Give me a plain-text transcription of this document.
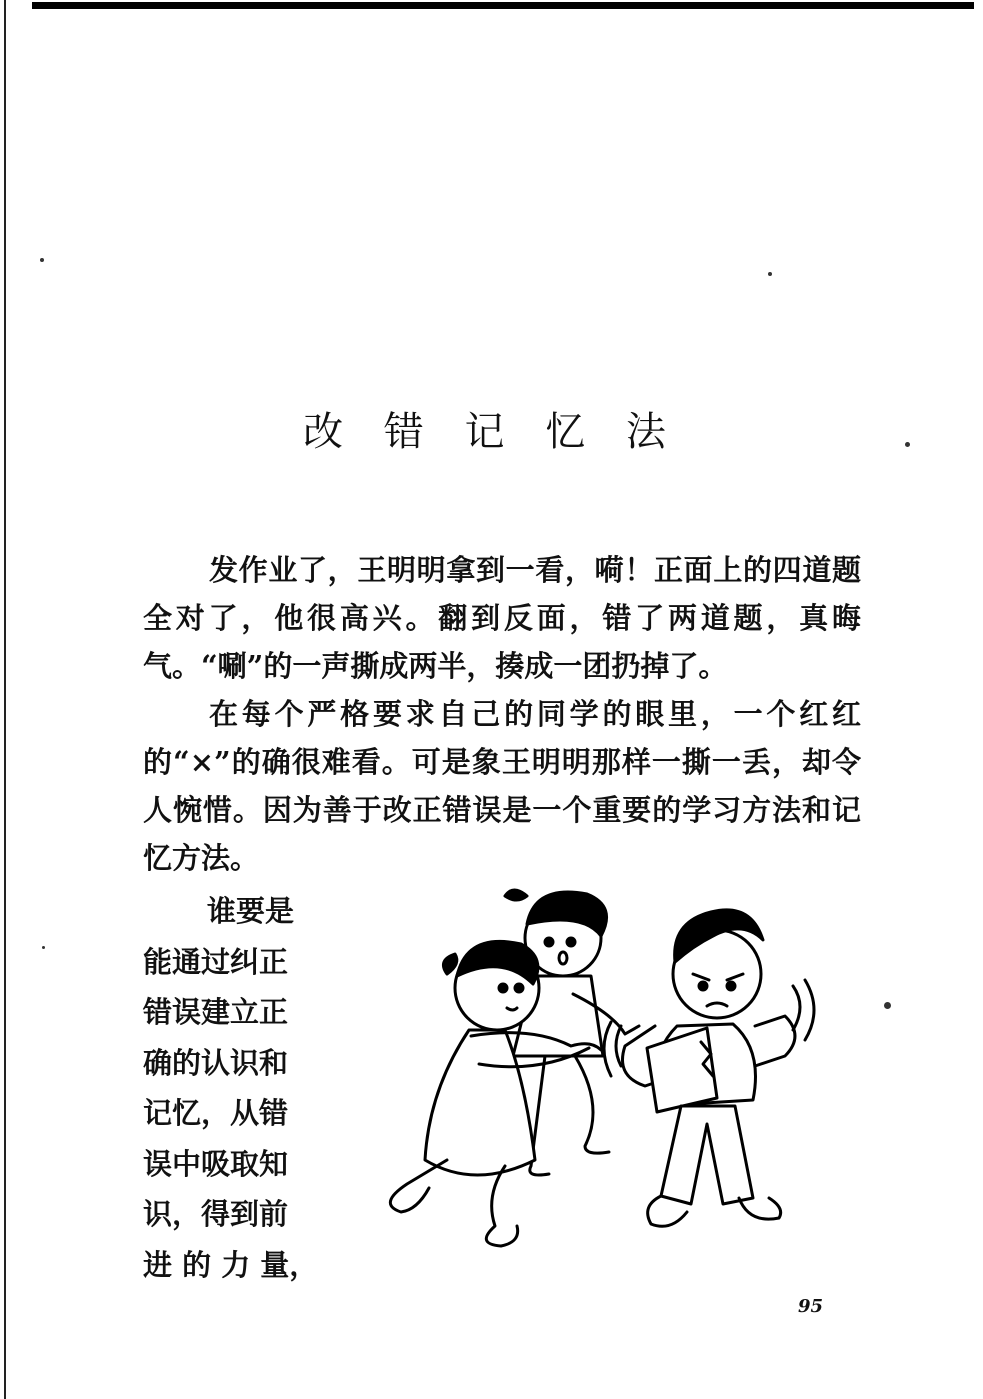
改 错 记 忆 法

发作业了，王明明拿到一看，嗬！正面上的四道题全对了，他很高兴。翻到反面，错了两道题，真晦气。“唰”的一声撕成两半，揍成一团扔掉了。

在每个严格要求自己的同学的眼里，一个红红的“×”的确很难看。可是象王明明那样一撕一丢，却令人惋惜。因为善于改正错误是一个重要的学习方法和记忆方法。

谁要是
能通过纠正
错误建立正
确的认识和
记忆，从错
误中吸取知
识，得到前
进 的 力 量，
95
